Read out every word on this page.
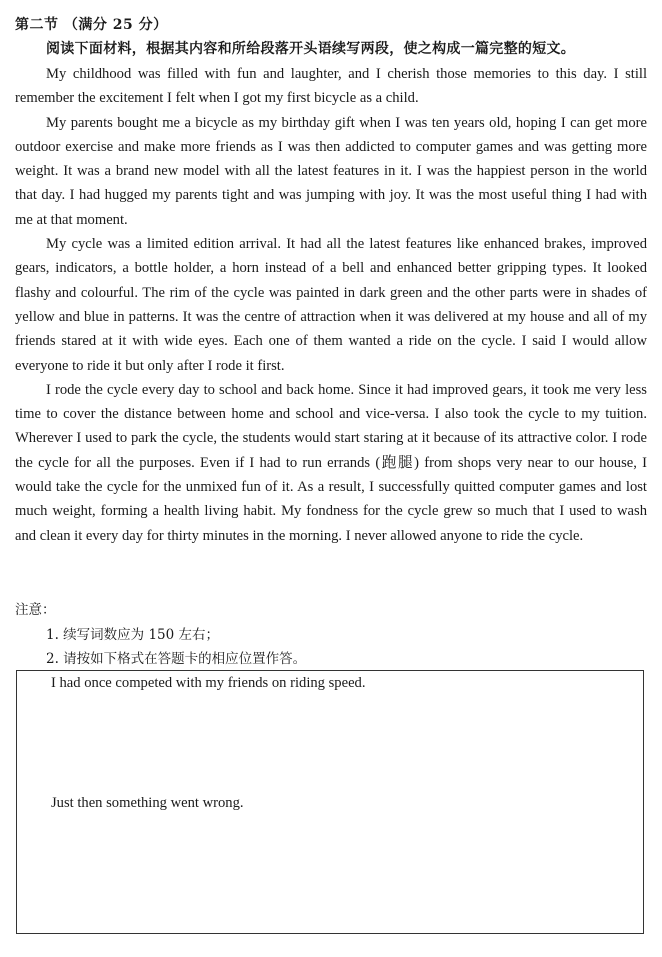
第二节 （满分 25 分）
阅读下面材料，根据其内容和所给段落开头语续写两段，使之构成一篇完整的短文。

My childhood was filled with fun and laughter, and I cherish those memories to this day. I still remember the excitement I felt when I got my first bicycle as a child.

My parents bought me a bicycle as my birthday gift when I was ten years old, hoping I can get more outdoor exercise and make more friends as I was then addicted to computer games and was getting more weight. It was a brand new model with all the latest features in it. I was the happiest person in the world that day. I had hugged my parents tight and was jumping with joy. It was the most useful thing I had with me at that moment.

My cycle was a limited edition arrival. It had all the latest features like enhanced brakes, improved gears, indicators, a bottle holder, a horn instead of a bell and enhanced better gripping types. It looked flashy and colourful. The rim of the cycle was painted in dark green and the other parts were in shades of yellow and blue in patterns. It was the centre of attraction when it was delivered at my house and all of my friends stared at it with wide eyes. Each one of them wanted a ride on the cycle. I said I would allow everyone to ride it but only after I rode it first.

I rode the cycle every day to school and back home. Since it had improved gears, it took me very less time to cover the distance between home and school and vice-versa. I also took the cycle to my tuition. Wherever I used to park the cycle, the students would start staring at it because of its attractive color. I rode the cycle for all the purposes. Even if I had to run errands (跑腿) from shops very near to our house, I would take the cycle for the unmixed fun of it. As a result, I successfully quitted computer games and lost much weight, forming a health living habit. My fondness for the cycle grew so much that I used to wash and clean it every day for thirty minutes in the morning. I never allowed anyone to ride the cycle.

注意：
1. 续写词数应为 150 左右；
2. 请按如下格式在答题卡的相应位置作答。
I had once competed with my friends on riding speed.
Just then something went wrong.
